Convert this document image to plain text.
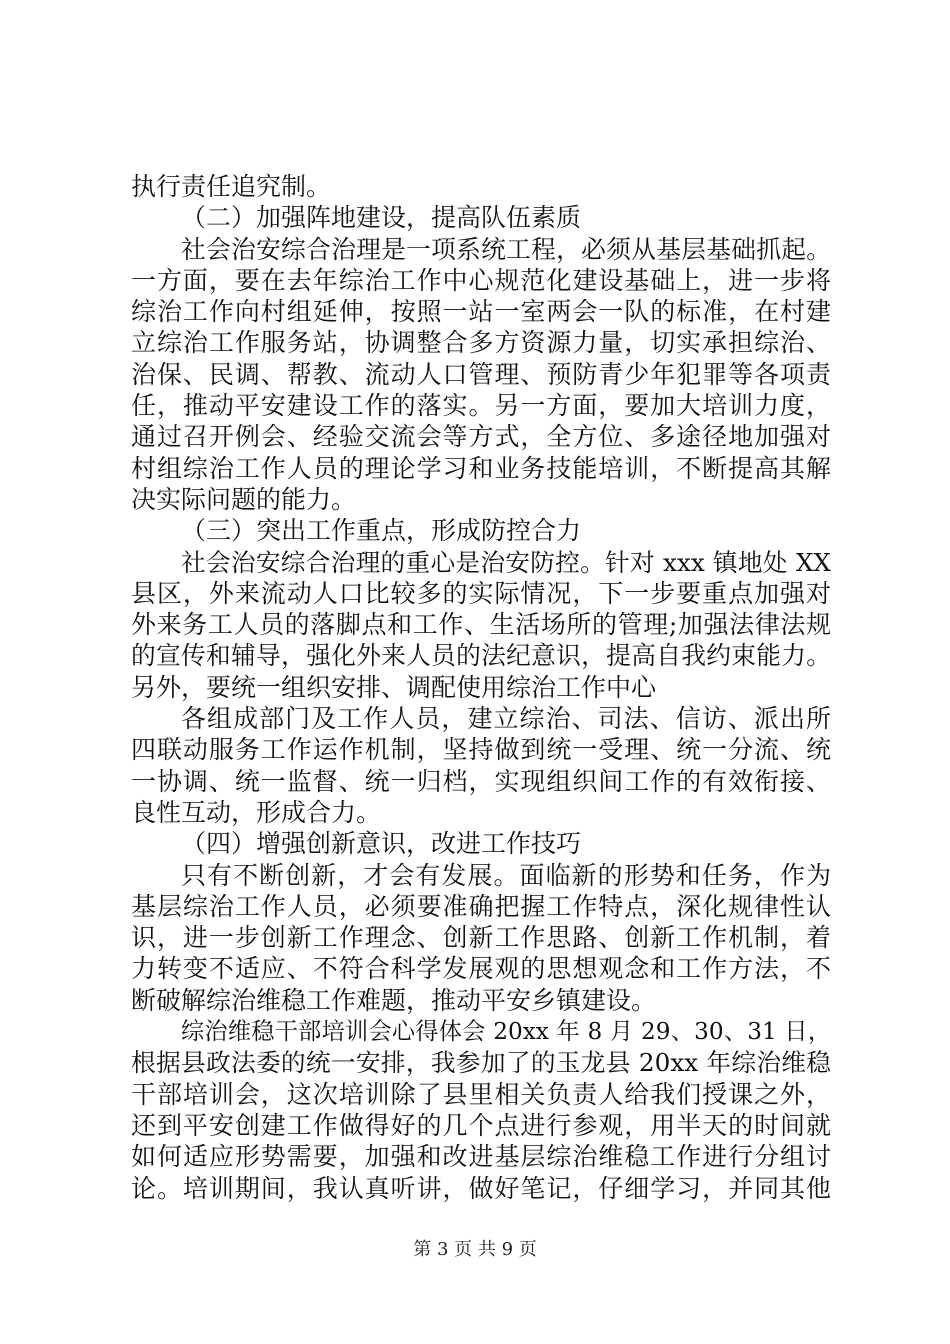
执行责任追究制。
（二）加强阵地建设，提高队伍素质
社会治安综合治理是一项系统工程，必须从基层基础抓起。
一方面，要在去年综治工作中心规范化建设基础上，进一步将
综治工作向村组延伸，按照一站一室两会一队的标准，在村建
立综治工作服务站，协调整合多方资源力量，切实承担综治、
治保、民调、帮教、流动人口管理、预防青少年犯罪等各项责
任，推动平安建设工作的落实。另一方面，要加大培训力度，
通过召开例会、经验交流会等方式，全方位、多途径地加强对
村组综治工作人员的理论学习和业务技能培训，不断提高其解
决实际问题的能力。
（三）突出工作重点，形成防控合力
社会治安综合治理的重心是治安防控。针对 xxx 镇地处 XX
县区，外来流动人口比较多的实际情况，下一步要重点加强对
外来务工人员的落脚点和工作、生活场所的管理;加强法律法规
的宣传和辅导，强化外来人员的法纪意识，提高自我约束能力。
另外，要统一组织安排、调配使用综治工作中心
各组成部门及工作人员，建立综治、司法、信访、派出所
四联动服务工作运作机制，坚持做到统一受理、统一分流、统
一协调、统一监督、统一归档，实现组织间工作的有效衔接、
良性互动，形成合力。
（四）增强创新意识，改进工作技巧
只有不断创新，才会有发展。面临新的形势和任务，作为
基层综治工作人员，必须要准确把握工作特点，深化规律性认
识，进一步创新工作理念、创新工作思路、创新工作机制，着
力转变不适应、不符合科学发展观的思想观念和工作方法，不
断破解综治维稳工作难题，推动平安乡镇建设。
综治维稳干部培训会心得体会 20xx 年 8 月 29、30、31 日，
根据县政法委的统一安排，我参加了的玉龙县 20xx 年综治维稳
干部培训会，这次培训除了县里相关负责人给我们授课之外，
还到平安创建工作做得好的几个点进行参观，用半天的时间就
如何适应形势需要，加强和改进基层综治维稳工作进行分组讨
论。培训期间，我认真听讲，做好笔记，仔细学习，并同其他
第 3 页 共 9 页
